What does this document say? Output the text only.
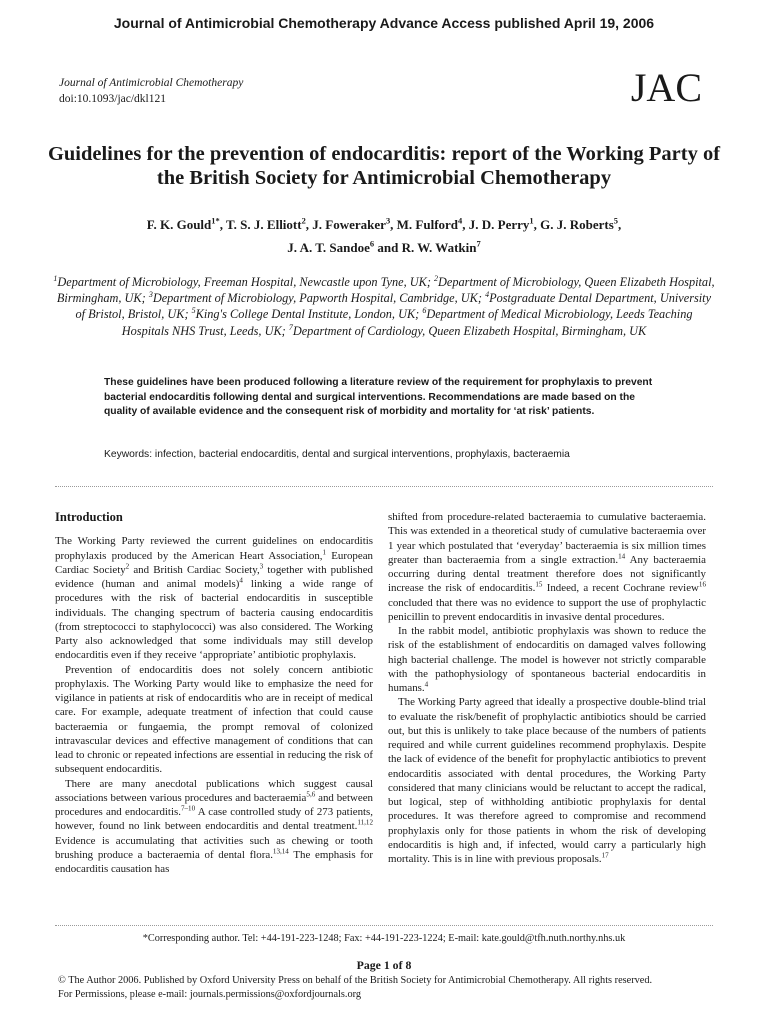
Journal of Antimicrobial Chemotherapy Advance Access published April 19, 2006
Journal of Antimicrobial Chemotherapy
doi:10.1093/jac/dkl121	JAC
Guidelines for the prevention of endocarditis: report of the Working Party of the British Society for Antimicrobial Chemotherapy
F. K. Gould$^{1*}$, T. S. J. Elliott$^2$, J. Foweraker$^3$, M. Fulford$^4$, J. D. Perry$^1$, G. J. Roberts$^5$,
J. A. T. Sandoe$^6$ and R. W. Watkin$^7$
$^1$Department of Microbiology, Freeman Hospital, Newcastle upon Tyne, UK; $^2$Department of Microbiology, Queen Elizabeth Hospital, Birmingham, UK; $^3$Department of Microbiology, Papworth Hospital, Cambridge, UK; $^4$Postgraduate Dental Department, University of Bristol, Bristol, UK; $^5$King's College Dental Institute, London, UK; $^6$Department of Medical Microbiology, Leeds Teaching Hospitals NHS Trust, Leeds, UK; $^7$Department of Cardiology, Queen Elizabeth Hospital, Birmingham, UK
These guidelines have been produced following a literature review of the requirement for prophylaxis to prevent bacterial endocarditis following dental and surgical interventions. Recommendations are made based on the quality of available evidence and the consequent risk of morbidity and mortality for ‘at risk’ patients.
Keywords: infection, bacterial endocarditis, dental and surgical interventions, prophylaxis, bacteraemia

Introduction

The Working Party reviewed the current guidelines on endocarditis prophylaxis produced by the American Heart Association,$^1$ European Cardiac Society$^2$ and British Cardiac Society,$^3$ together with published evidence (human and animal models)$^4$ linking a wide range of procedures with the risk of bacterial endocarditis in susceptible individuals. The changing spectrum of bacteria causing endocarditis (from streptococci to staphylococci) was also considered. The Working Party also acknowledged that some individuals may still develop endocarditis even if they receive ‘appropriate’ antibiotic prophylaxis.

Prevention of endocarditis does not solely concern antibiotic prophylaxis. The Working Party would like to emphasize the need for vigilance in patients at risk of endocarditis who are in receipt of medical care. For example, adequate treatment of infection that could cause bacteraemia or fungaemia, the prompt removal of colonized intravascular devices and effective management of conditions that can lead to chronic or repeated infections are essential in reducing the risk of subsequent endocarditis.

There are many anecdotal publications which suggest causal associations between various procedures and bacteraemia$^{5,6}$ and between procedures and endocarditis.$^{7-10}$ A case controlled study of 273 patients, however, found no link between endocarditis and dental treatment.$^{11,12}$ Evidence is accumulating that activities such as chewing or tooth brushing produce a bacteraemia of dental flora.$^{13,14}$ The emphasis for endocarditis causation has

shifted from procedure-related bacteraemia to cumulative bacteraemia. This was extended in a theoretical study of cumulative bacteraemia over 1 year which postulated that ‘everyday’ bacteraemia is six million times greater than bacteraemia from a single extraction.$^{14}$ Any bacteraemia occurring during dental treatment therefore does not significantly increase the risk of endocarditis.$^{15}$ Indeed, a recent Cochrane review$^{16}$ concluded that there was no evidence to support the use of prophylactic penicillin to prevent endocarditis in invasive dental procedures.

In the rabbit model, antibiotic prophylaxis was shown to reduce the risk of the establishment of endocarditis on damaged valves following high bacterial challenge. The model is however not strictly comparable with the pathophysiology of spontaneous bacterial endocarditis in humans.$^4$

The Working Party agreed that ideally a prospective double-blind trial to evaluate the risk/benefit of prophylactic antibiotics should be carried out, but this is unlikely to take place because of the numbers of patients required and while current guidelines recommend prophylaxis. Despite the lack of evidence of the benefit for prophylactic antibiotics to prevent endocarditis associated with dental procedures, the Working Party considered that many clinicians would be reluctant to accept the radical, but logical, step of withholding antibiotic prophylaxis for dental procedures. It was therefore agreed to compromise and recommend prophylaxis only for those patients in whom the risk of developing endocarditis is high and, if infected, would carry a particularly high mortality. This is in line with previous proposals.$^{17}$

*Corresponding author. Tel: +44-191-223-1248; Fax: +44-191-223-1224; E-mail: kate.gould@tfh.nuth.northy.nhs.uk
Page 1 of 8
© The Author 2006. Published by Oxford University Press on behalf of the British Society for Antimicrobial Chemotherapy. All rights reserved.
For Permissions, please e-mail: journals.permissions@oxfordjournals.org
